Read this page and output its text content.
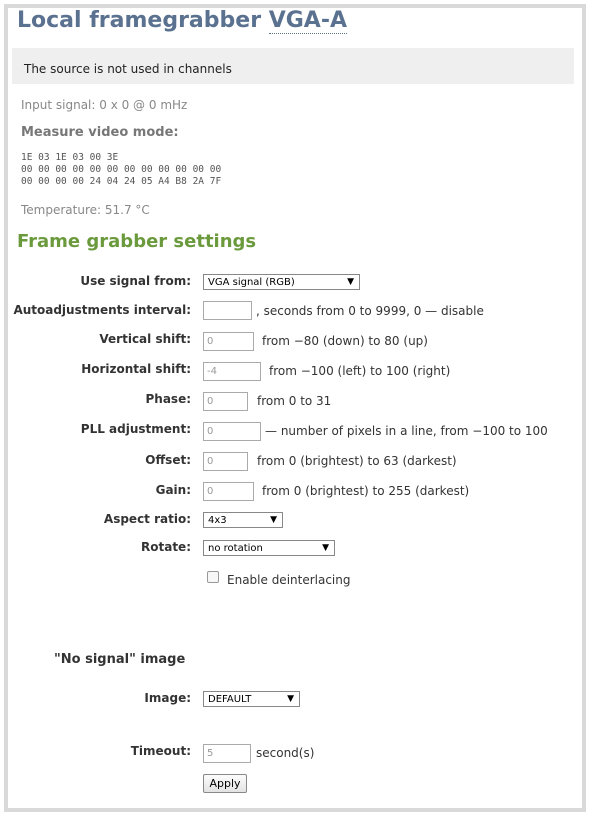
Local framegrabber VGA-A
The source is not used in channels
Input signal: 0 x 0 @ 0 mHz
Measure video mode:
1E 03 1E 03 00 3E
00 00 00 00 00 00 00 00 00 00 00 00
00 00 00 00 24 04 24 05 A4 B8 2A 7F
Temperature: 51.7 °C
Frame grabber settings
Use signal from:	VGA signal (RGB)	▼
Autoadjustments interval:	, seconds from 0 to 9999, 0 — disable
Vertical shift:
0	from −80 (down) to 80 (up)
Horizontal shift:
-4	from −100 (left) to 100 (right)
Phase:
0	from 0 to 31
PLL adjustment:
0	— number of pixels in a line, from −100 to 100
Offset:
0	from 0 (brightest) to 63 (darkest)
Gain:
0	from 0 (brightest) to 255 (darkest)
Aspect ratio:	4x3	▼
Rotate:	no rotation	▼
Enable deinterlacing
"No signal" image
Image:	DEFAULT	▼
Timeout:
5	second(s)
Apply
